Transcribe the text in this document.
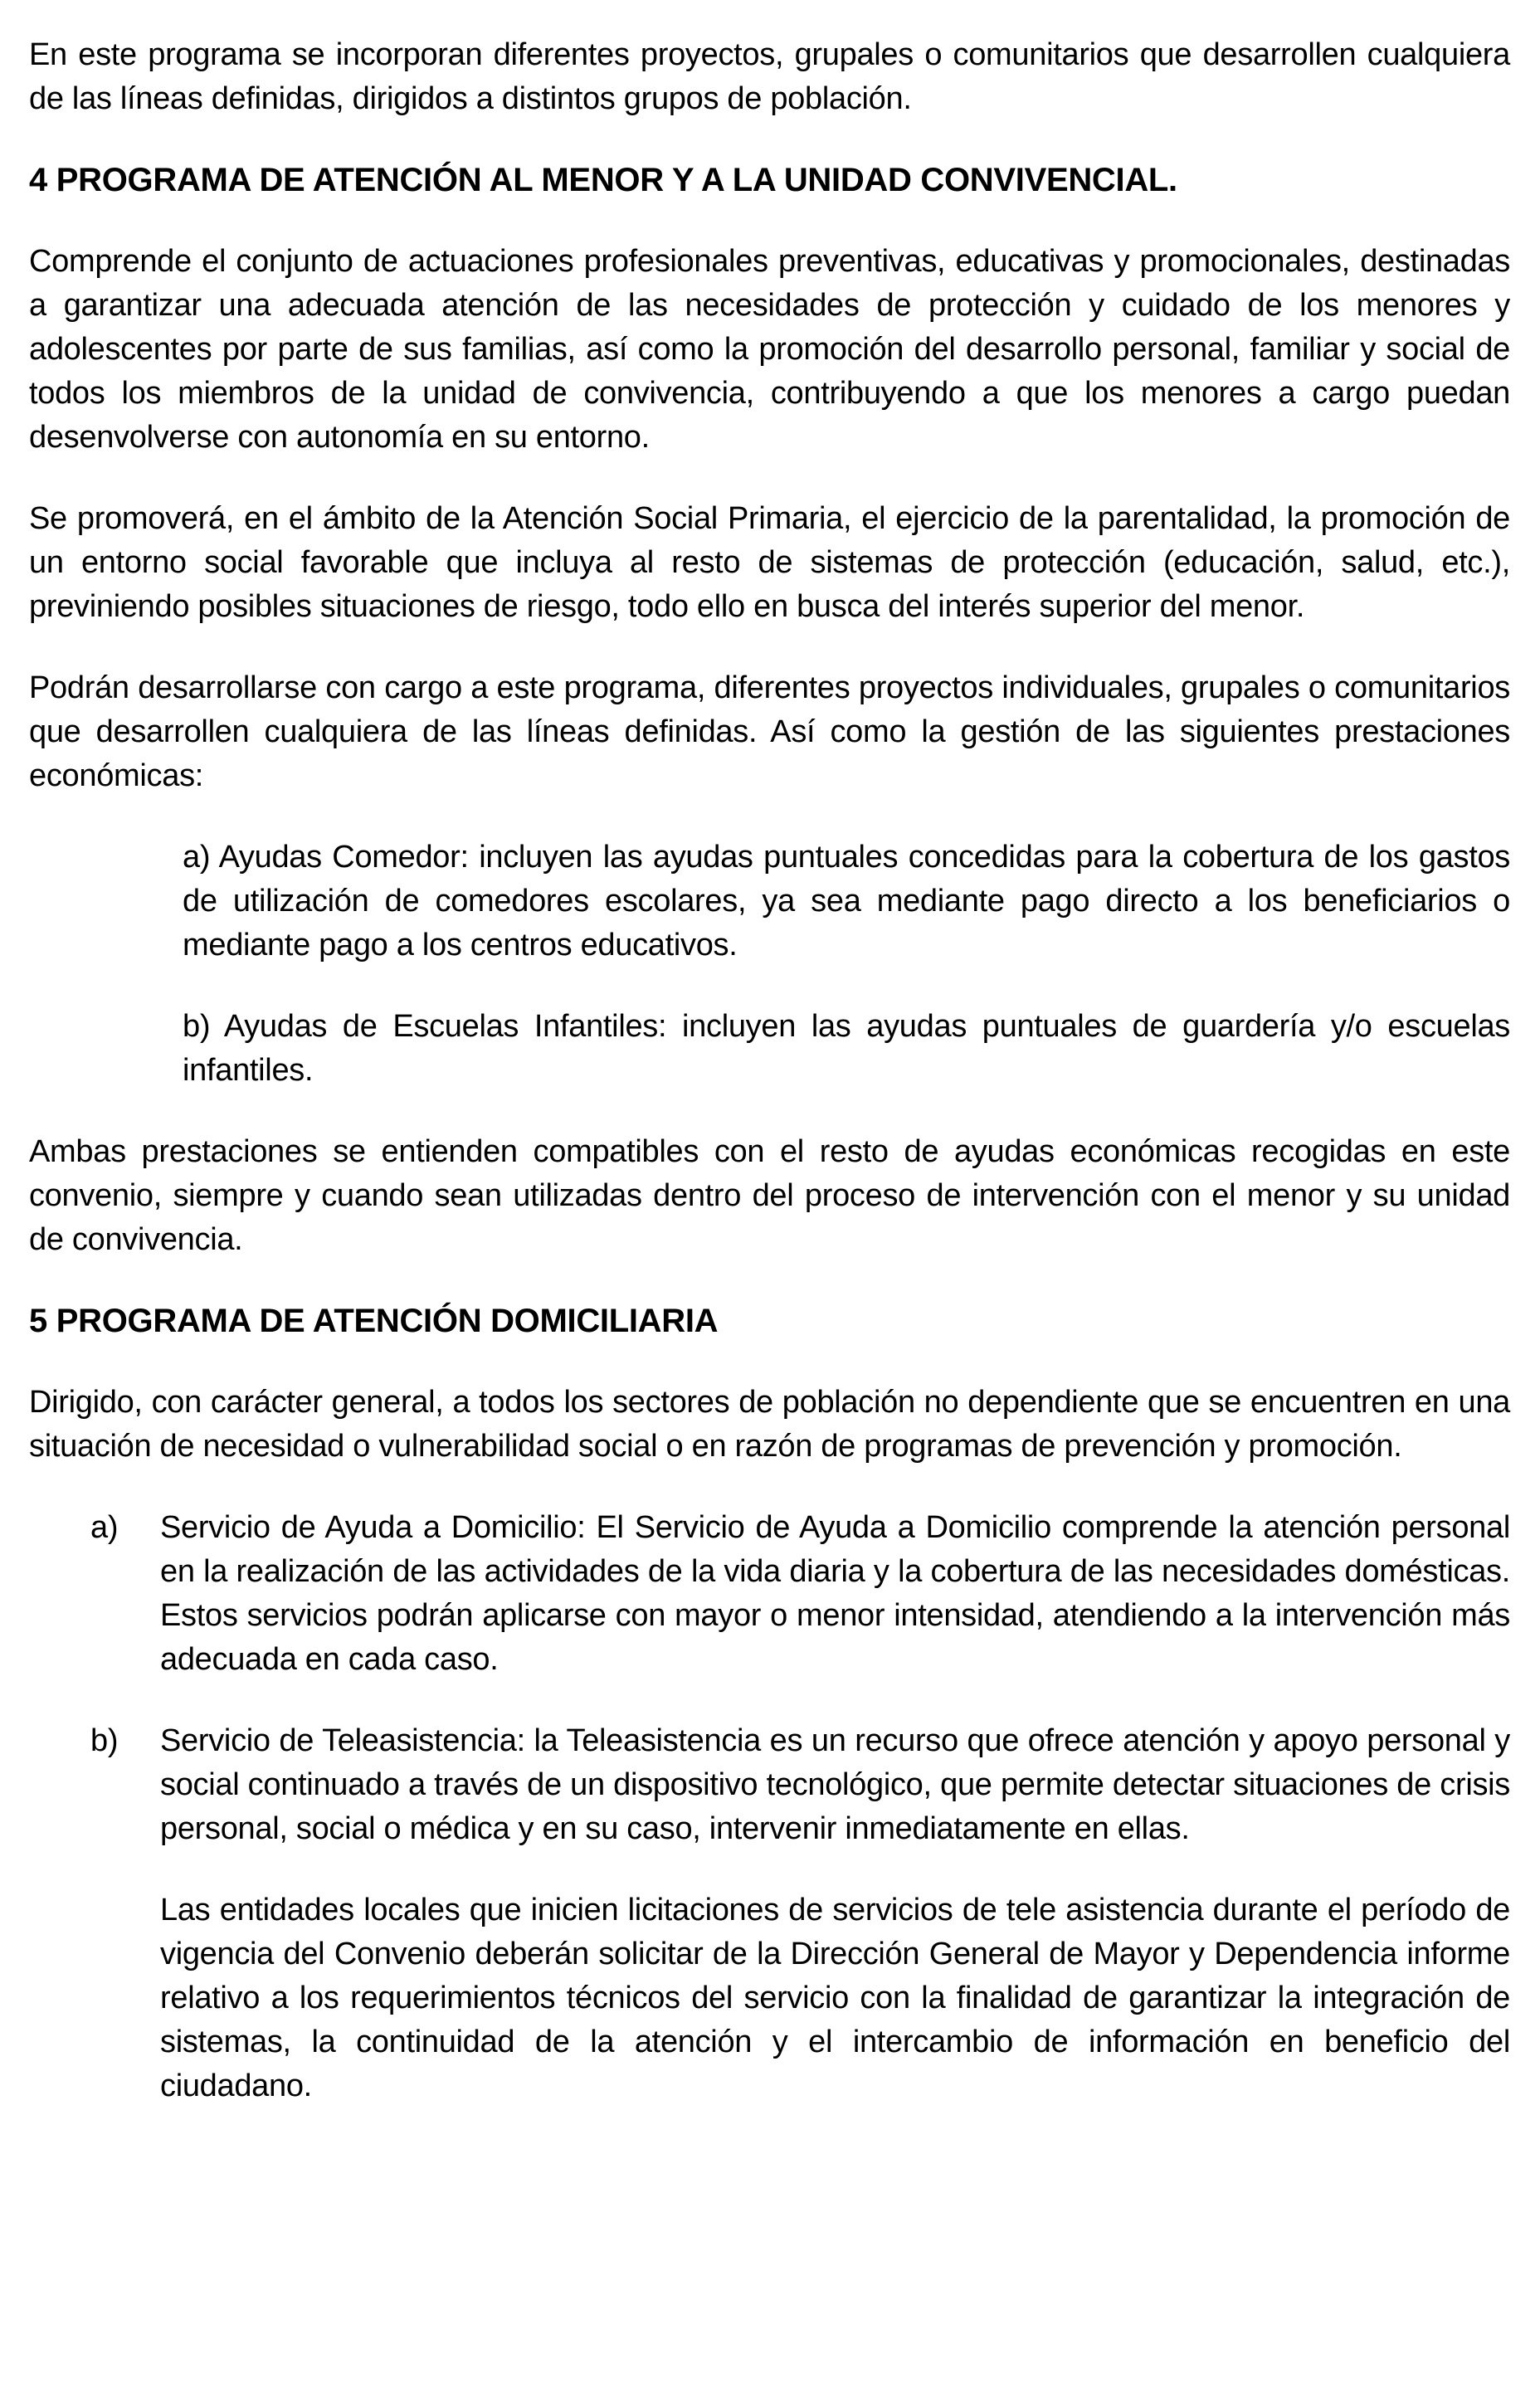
En este programa se incorporan diferentes proyectos, grupales o comunitarios que desarrollen cualquiera de las líneas definidas, dirigidos a distintos grupos de población.

4 PROGRAMA DE ATENCIÓN AL MENOR Y A LA UNIDAD CONVIVENCIAL.

Comprende el conjunto de actuaciones profesionales preventivas, educativas y promocionales, destinadas a garantizar una adecuada atención de las necesidades de protección y cuidado de los menores y adolescentes por parte de sus familias, así como la promoción del desarrollo personal, familiar y social de todos los miembros de la unidad de convivencia, contribuyendo a que los menores a cargo puedan desenvolverse con autonomía en su entorno.

Se promoverá, en el ámbito de la Atención Social Primaria, el ejercicio de la parentalidad, la promoción de un entorno social favorable que incluya al resto de sistemas de protección (educación, salud, etc.), previniendo posibles situaciones de riesgo, todo ello en busca del interés superior del menor.

Podrán desarrollarse con cargo a este programa, diferentes proyectos individuales, grupales o comunitarios que desarrollen cualquiera de las líneas definidas. Así como la gestión de las siguientes prestaciones económicas:

a) Ayudas Comedor: incluyen las ayudas puntuales concedidas para la cobertura de los gastos de utilización de comedores escolares, ya sea mediante pago directo a los beneficiarios o mediante pago a los centros educativos.

b) Ayudas de Escuelas Infantiles: incluyen las ayudas puntuales de guardería y/o escuelas infantiles.

Ambas prestaciones se entienden compatibles con el resto de ayudas económicas recogidas en este convenio, siempre y cuando sean utilizadas dentro del proceso de intervención con el menor y su unidad de convivencia.

5 PROGRAMA DE ATENCIÓN DOMICILIARIA

Dirigido, con carácter general, a todos los sectores de población no dependiente que se encuentren en una situación de necesidad o vulnerabilidad social o en razón de programas de prevención y promoción.

a) Servicio de Ayuda a Domicilio: El Servicio de Ayuda a Domicilio comprende la atención personal en la realización de las actividades de la vida diaria y la cobertura de las necesidades domésticas. Estos servicios podrán aplicarse con mayor o menor intensidad, atendiendo a la intervención más adecuada en cada caso.

b) Servicio de Teleasistencia: la Teleasistencia es un recurso que ofrece atención y apoyo personal y social continuado a través de un dispositivo tecnológico, que permite detectar situaciones de crisis personal, social o médica y en su caso, intervenir inmediatamente en ellas.

Las entidades locales que inicien licitaciones de servicios de tele asistencia durante el período de vigencia del Convenio deberán solicitar de la Dirección General de Mayor y Dependencia informe relativo a los requerimientos técnicos del servicio con la finalidad de garantizar la integración de sistemas, la continuidad de la atención y el intercambio de información en beneficio del ciudadano.
